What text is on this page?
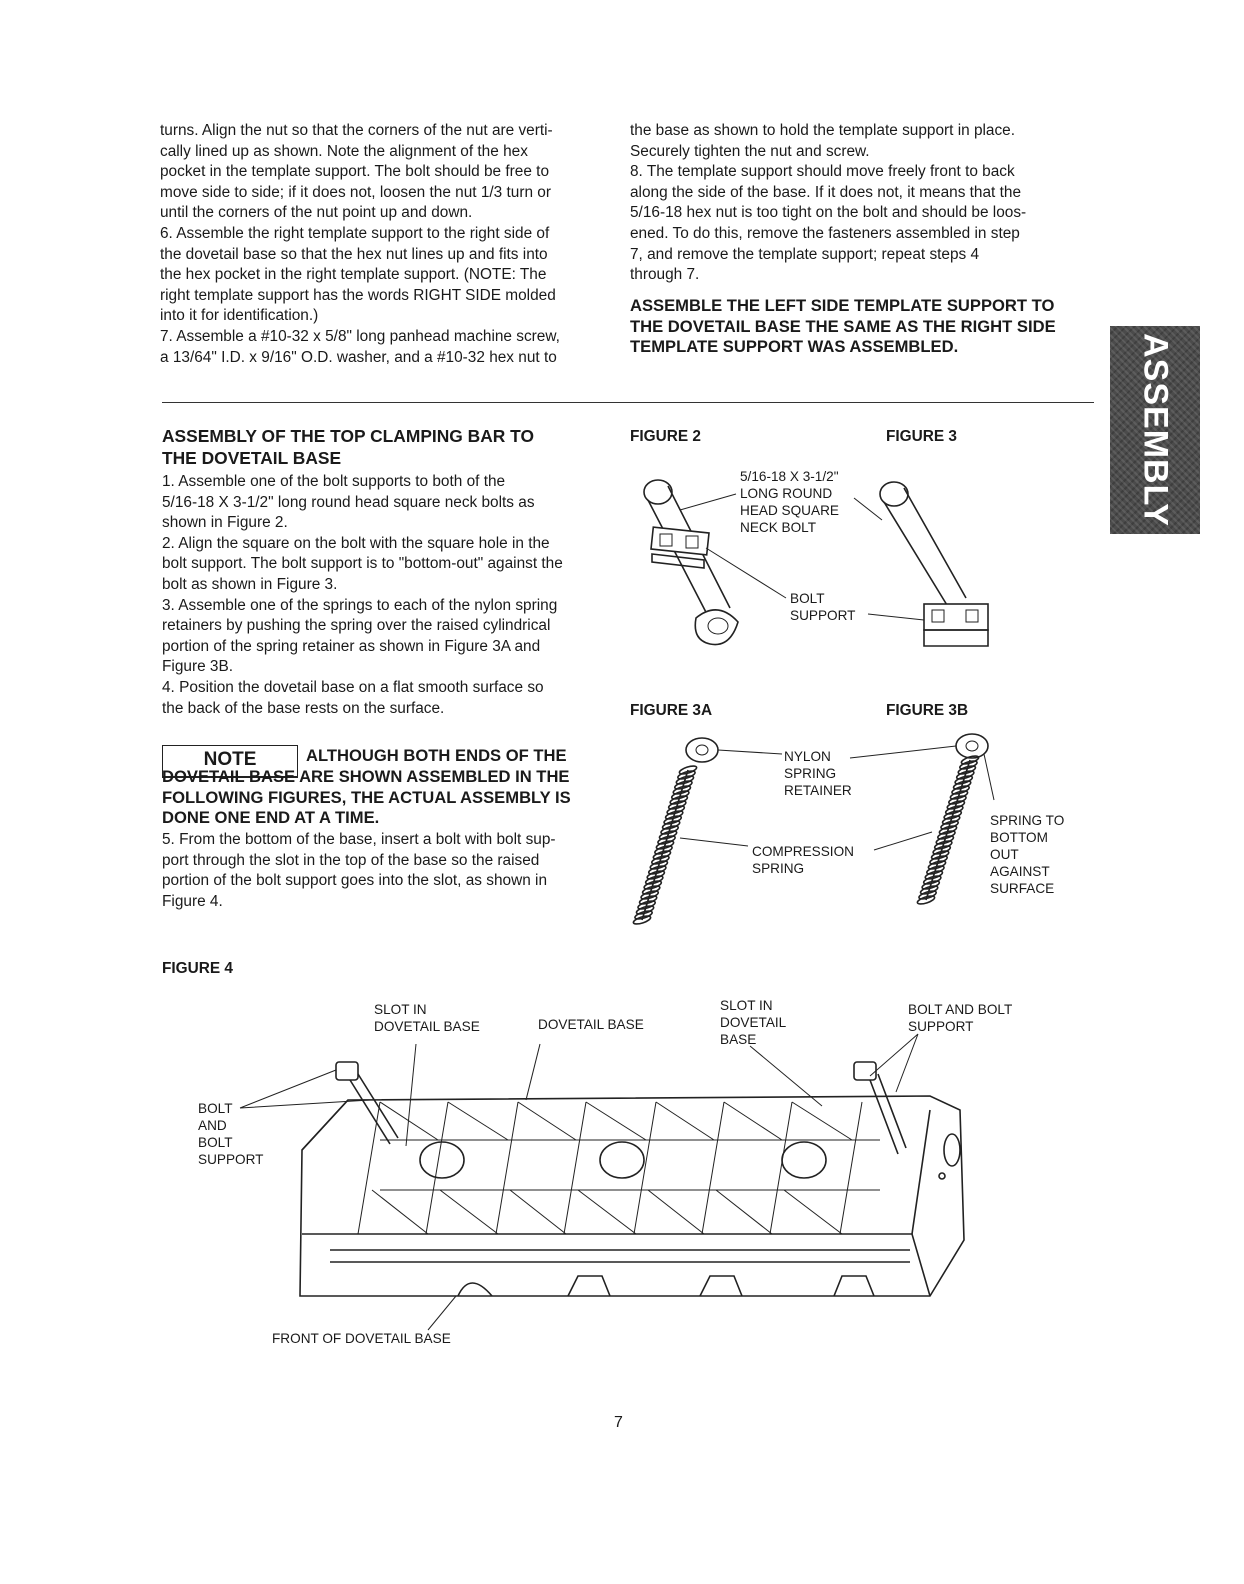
ASSEMBLY
turns. Align the nut so that the corners of the nut are verti-
cally lined up as shown. Note the alignment of the hex
pocket in the template support. The bolt should be free to
move side to side; if it does not, loosen the nut 1/3 turn or
until the corners of the nut point up and down.
6. Assemble the right template support to the right side of
the dovetail base so that the hex nut lines up and fits into
the hex pocket in the right template support. (NOTE: The
right template support has the words RIGHT SIDE molded
into it for identification.)
7. Assemble a #10-32 x 5/8" long panhead machine screw,
a 13/64" I.D. x 9/16" O.D. washer, and a #10-32 hex nut to
the base as shown to hold the template support in place.
Securely tighten the nut and screw.
8. The template support should move freely front to back
along the side of the base. If it does not, it means that the
5/16-18 hex nut is too tight on the bolt and should be loos-
ened. To do this, remove the fasteners assembled in step
7, and remove the template support; repeat steps 4
through 7.
ASSEMBLE THE LEFT SIDE TEMPLATE SUPPORT TO
THE DOVETAIL BASE THE SAME AS THE RIGHT SIDE
TEMPLATE SUPPORT WAS ASSEMBLED.
ASSEMBLY OF THE TOP CLAMPING BAR TO
THE DOVETAIL BASE
1. Assemble one of the bolt supports to both of the
5/16-18 X 3-1/2" long round head square neck bolts as
shown in Figure 2.
2. Align the square on the bolt with the square hole in the
bolt support. The bolt support is to "bottom-out" against the
bolt as shown in Figure 3.
3. Assemble one of the springs to each of the nylon spring
retainers by pushing the spring over the raised cylindrical
portion of the spring retainer as shown in Figure 3A and
Figure 3B.
4. Position the dovetail base on a flat smooth surface so
the back of the base rests on the surface.
NOTE	ALTHOUGH BOTH ENDS OF THE
DOVETAIL BASE ARE SHOWN ASSEMBLED IN THE
FOLLOWING FIGURES, THE ACTUAL ASSEMBLY IS
DONE ONE END AT A TIME.
5. From the bottom of the base, insert a bolt with bolt sup-
port through the slot in the top of the base so the raised
portion of the bolt support goes into the slot, as shown in
Figure 4.
FIGURE 2	FIGURE 3
FIGURE 3A	FIGURE 3B
FIGURE 4
5/16-18 X 3-1/2"
LONG ROUND
HEAD SQUARE
NECK BOLT
BOLT
SUPPORT
NYLON
SPRING
RETAINER
COMPRESSION
SPRING
SPRING TO
BOTTOM
OUT
AGAINST
SURFACE
SLOT IN
DOVETAIL BASE	DOVETAIL BASE
SLOT IN
DOVETAIL
BASE
BOLT AND BOLT
SUPPORT
BOLT
AND
BOLT
SUPPORT
FRONT OF DOVETAIL BASE
7
